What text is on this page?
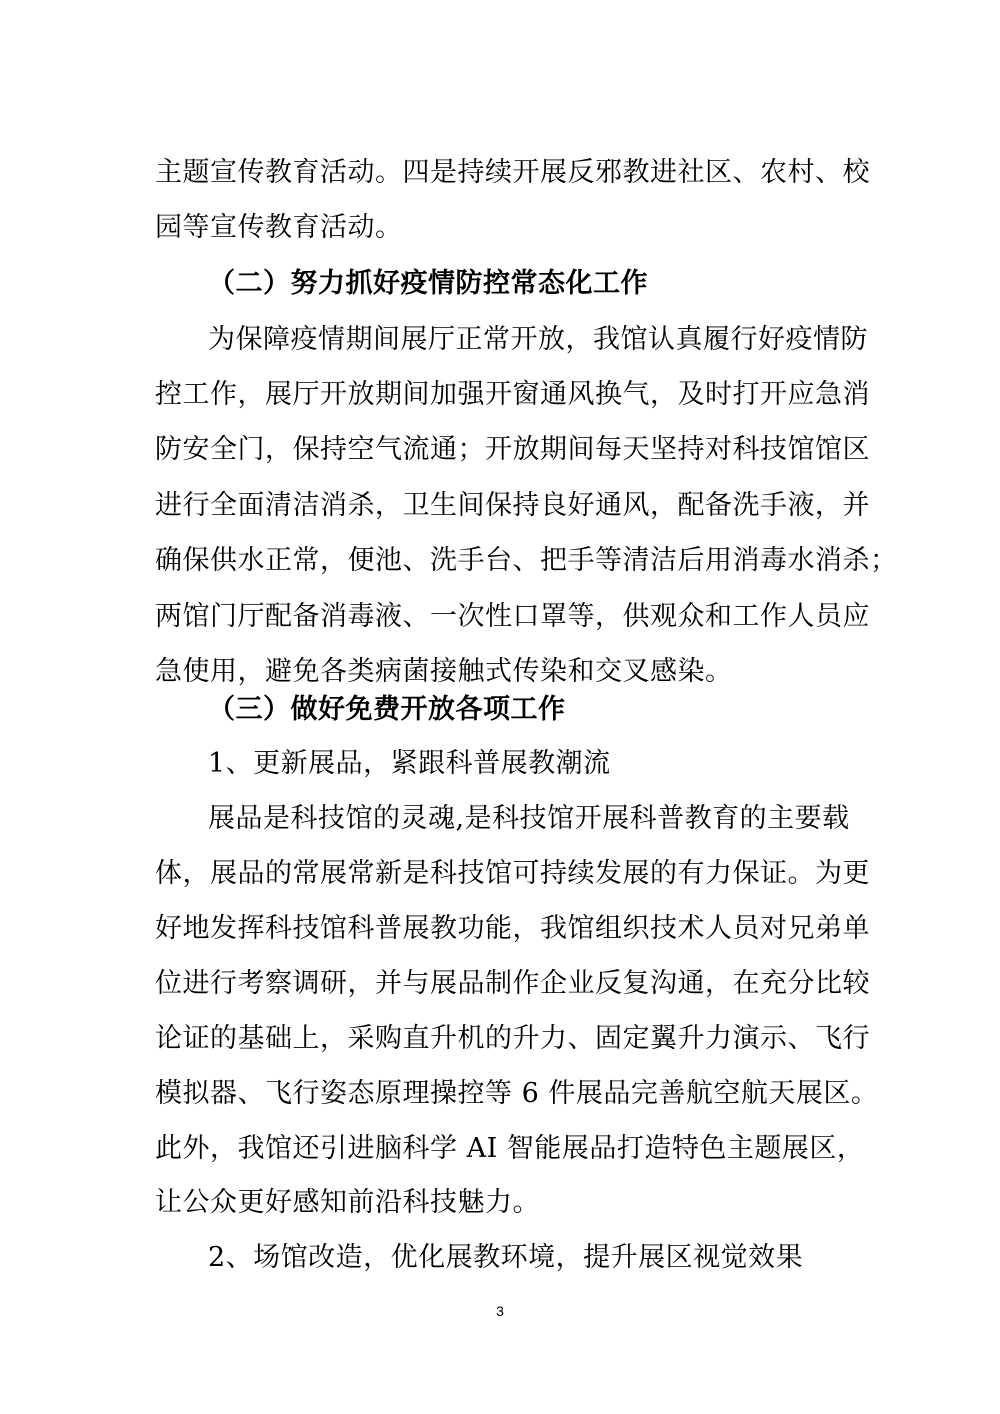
主题宣传教育活动。四是持续开展反邪教进社区、农村、校
园等宣传教育活动。
（二）努力抓好疫情防控常态化工作
为保障疫情期间展厅正常开放，我馆认真履行好疫情防
控工作，展厅开放期间加强开窗通风换气，及时打开应急消
防安全门，保持空气流通；开放期间每天坚持对科技馆馆区
进行全面清洁消杀，卫生间保持良好通风，配备洗手液，并
确保供水正常，便池、洗手台、把手等清洁后用消毒水消杀；
两馆门厅配备消毒液、一次性口罩等，供观众和工作人员应
急使用，避免各类病菌接触式传染和交叉感染。
（三）做好免费开放各项工作
1、更新展品，紧跟科普展教潮流
展品是科技馆的灵魂,是科技馆开展科普教育的主要载
体，展品的常展常新是科技馆可持续发展的有力保证。为更
好地发挥科技馆科普展教功能，我馆组织技术人员对兄弟单
位进行考察调研，并与展品制作企业反复沟通，在充分比较
论证的基础上，采购直升机的升力、固定翼升力演示、飞行
模拟器、飞行姿态原理操控等 6 件展品完善航空航天展区。
此外，我馆还引进脑科学 AI 智能展品打造特色主题展区，
让公众更好感知前沿科技魅力。
2、场馆改造，优化展教环境，提升展区视觉效果
3
